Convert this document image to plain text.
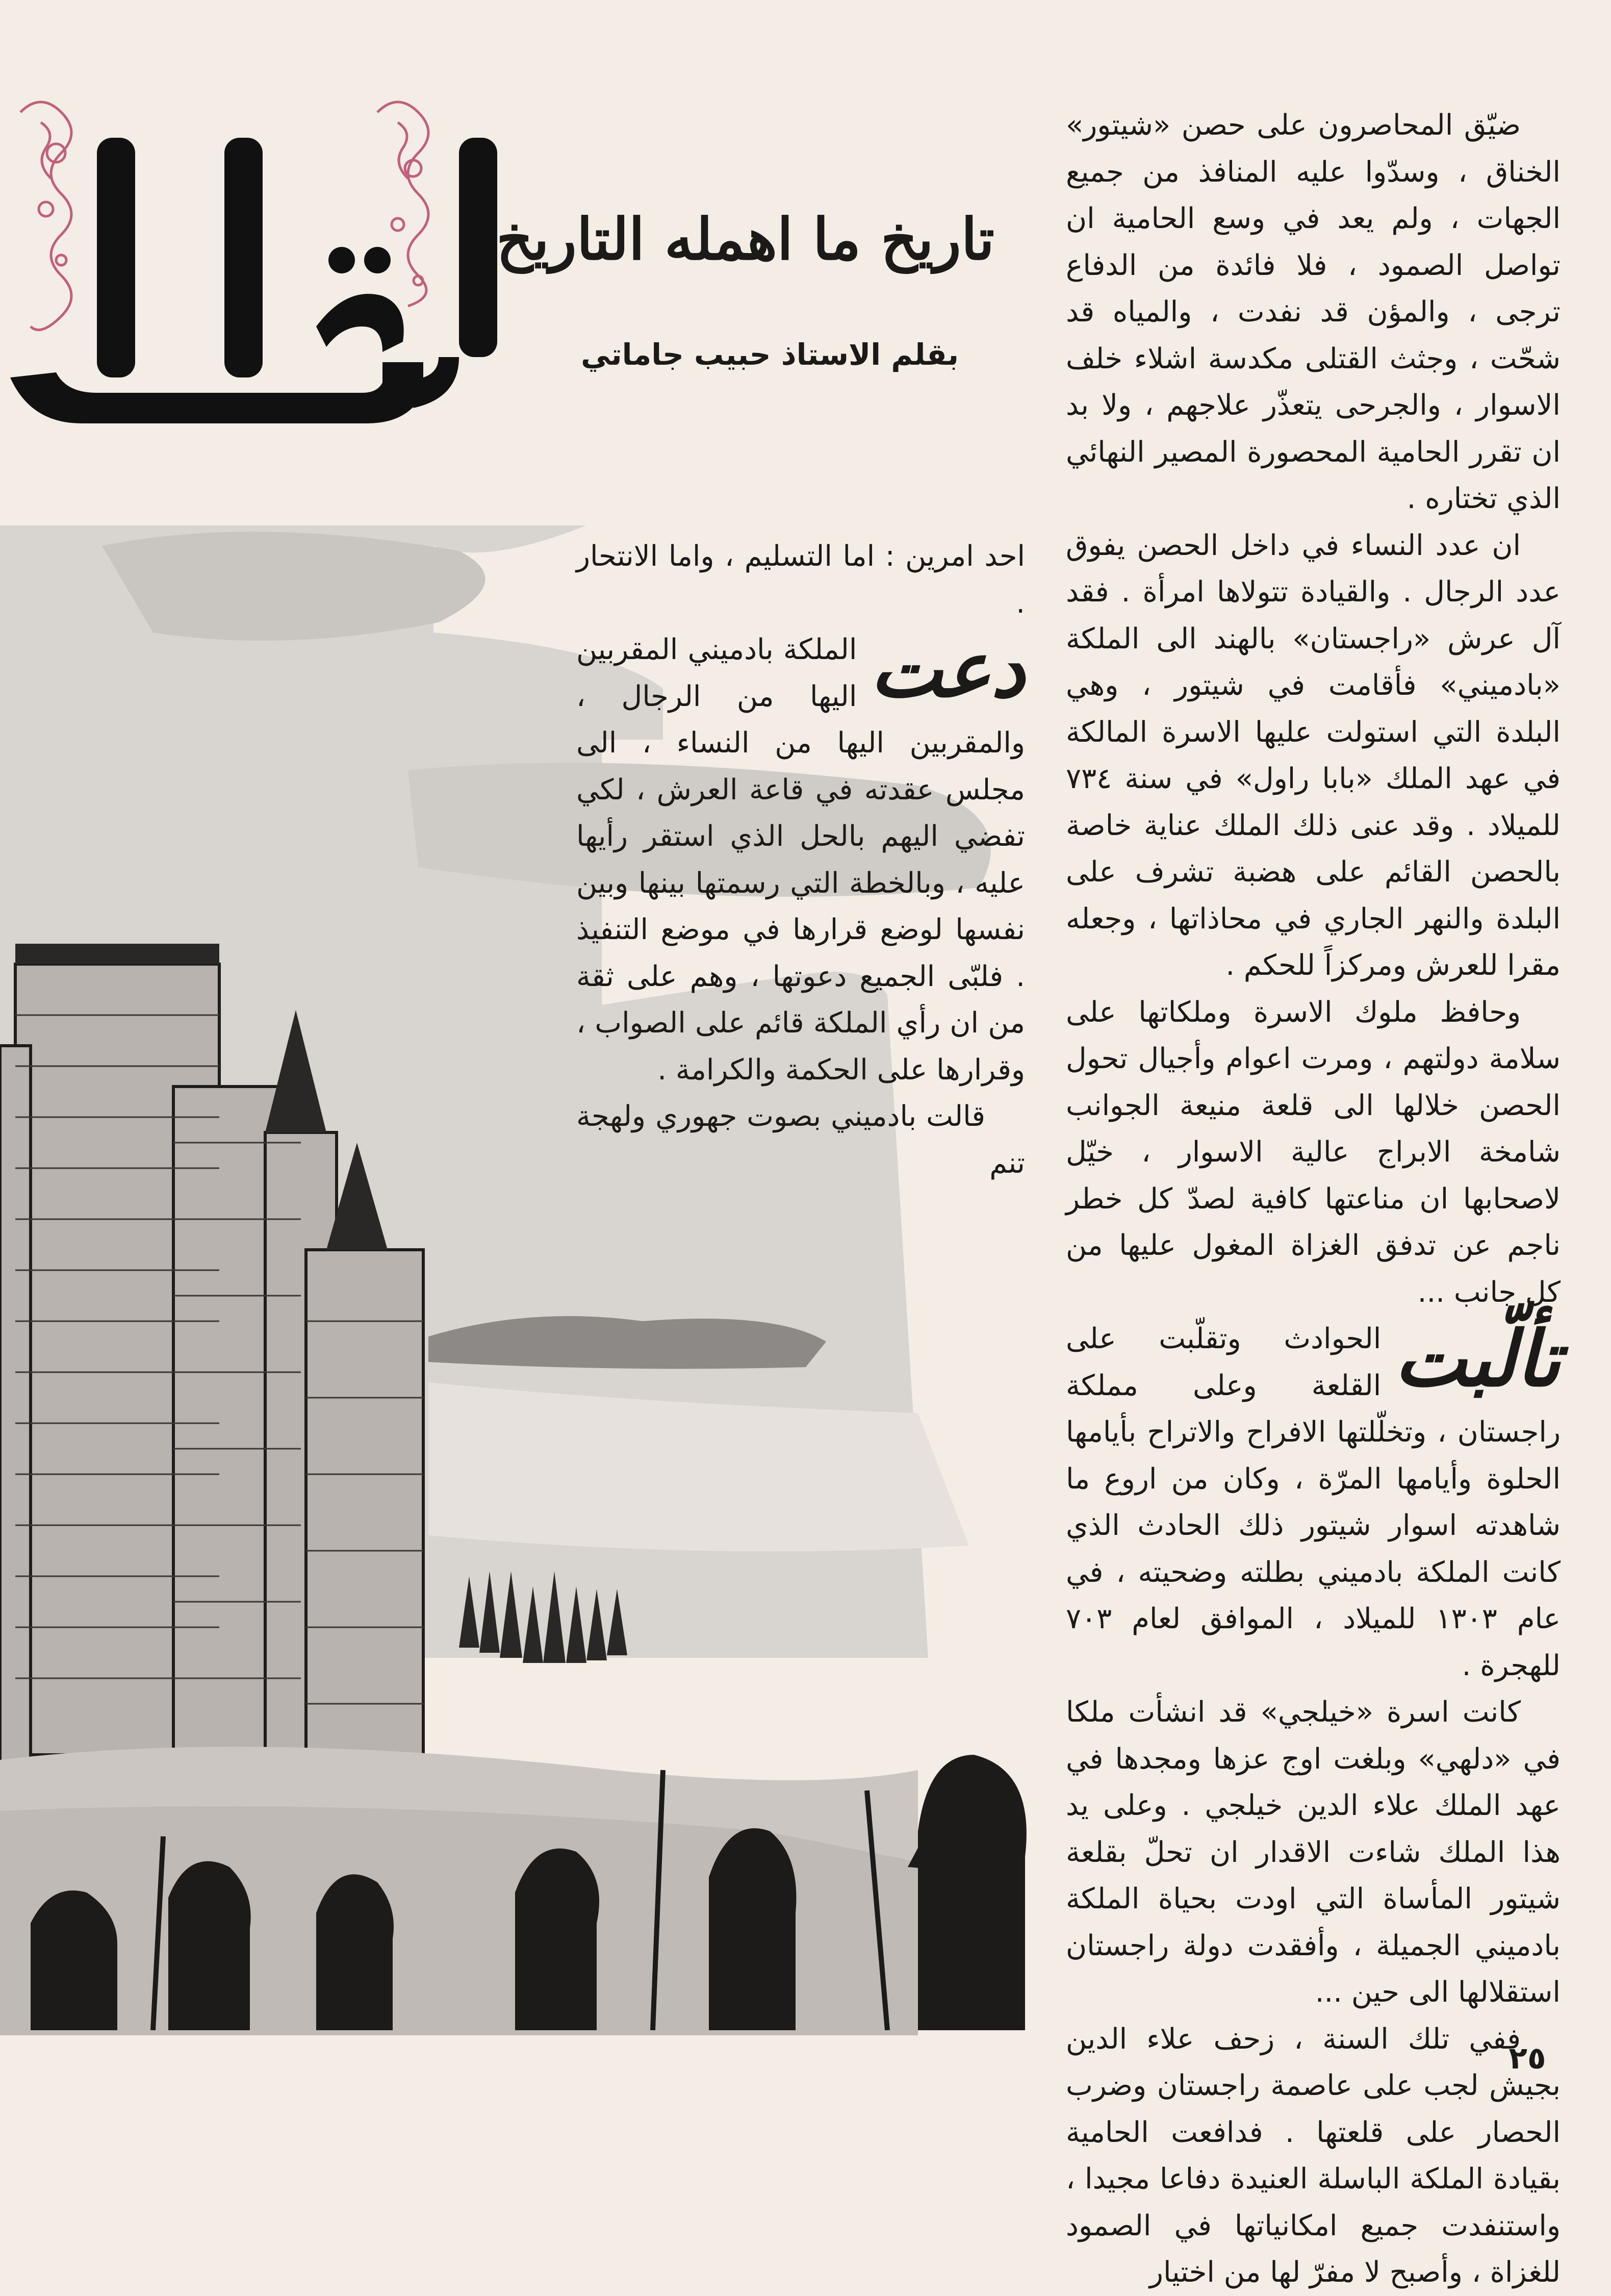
تاريخ ما اهمله التاريخ
بقلم الاستاذ حبيب جاماتي

ضيّق المحاصرون على حصن «شيتور» الخناق ، وسدّوا عليه المنافذ من جميع الجهات ، ولم يعد في وسع الحامية ان تواصل الصمود ، فلا فائدة من الدفاع ترجى ، والمؤن قد نفدت ، والمياه قد شحّت ، وجثث القتلى مكدسة اشلاء خلف الاسوار ، والجرحى يتعذّر علاجهم ، ولا بد ان تقرر الحامية المحصورة المصير النهائي الذي تختاره .

ان عدد النساء في داخل الحصن يفوق عدد الرجال . والقيادة تتولاها امرأة . فقد آل عرش «راجستان» بالهند الى الملكة «بادميني» فأقامت في شيتور ، وهي البلدة التي استولت عليها الاسرة المالكة في عهد الملك «بابا راول» في سنة ٧٣٤ للميلاد . وقد عنى ذلك الملك عناية خاصة بالحصن القائم على هضبة تشرف على البلدة والنهر الجاري في محاذاتها ، وجعله مقرا للعرش ومركزاً للحكم .

وحافظ ملوك الاسرة وملكاتها على سلامة دولتهم ، ومرت اعوام وأجيال تحول الحصن خلالها الى قلعة منيعة الجوانب شامخة الابراج عالية الاسوار ، خيّل لاصحابها ان مناعتها كافية لصدّ كل خطر ناجم عن تدفق الغزاة المغول عليها من كل جانب ...

تألّبت
الحوادث وتقلّبت على القلعة وعلى مملكة راجستان ، وتخلّلتها الافراح والاتراح بأيامها الحلوة وأيامها المرّة ، وكان من اروع ما شاهدته اسوار شيتور ذلك الحادث الذي كانت الملكة بادميني بطلته وضحيته ، في عام ١٣٠٣ للميلاد ، الموافق لعام ٧٠٣ للهجرة .

كانت اسرة «خيلجي» قد انشأت ملكا في «دلهي» وبلغت اوج عزها ومجدها في عهد الملك علاء الدين خيلجي . وعلى يد هذا الملك شاءت الاقدار ان تحلّ بقلعة شيتور المأساة التي اودت بحياة الملكة بادميني الجميلة ، وأفقدت دولة راجستان استقلالها الى حين ...

ففي تلك السنة ، زحف علاء الدين بجيش لجب على عاصمة راجستان وضرب الحصار على قلعتها . فدافعت الحامية بقيادة الملكة الباسلة العنيدة دفاعا مجيدا ، واستنفدت جميع امكانياتها في الصمود للغزاة ، وأصبح لا مفرّ لها من اختيار

احد امرين : اما التسليم ، واما الانتحار .

دعت
الملكة بادميني المقربين اليها من الرجال ، والمقربين اليها من النساء ، الى مجلس عقدته في قاعة العرش ، لكي تفضي اليهم بالحل الذي استقر رأيها عليه ، وبالخطة التي رسمتها بينها وبين نفسها لوضع قرارها في موضع التنفيذ . فلبّى الجميع دعوتها ، وهم على ثقة من ان رأي الملكة قائم على الصواب ، وقرارها على الحكمة والكرامة .

قالت بادميني بصوت جهوري ولهجة تنم

٢٥
